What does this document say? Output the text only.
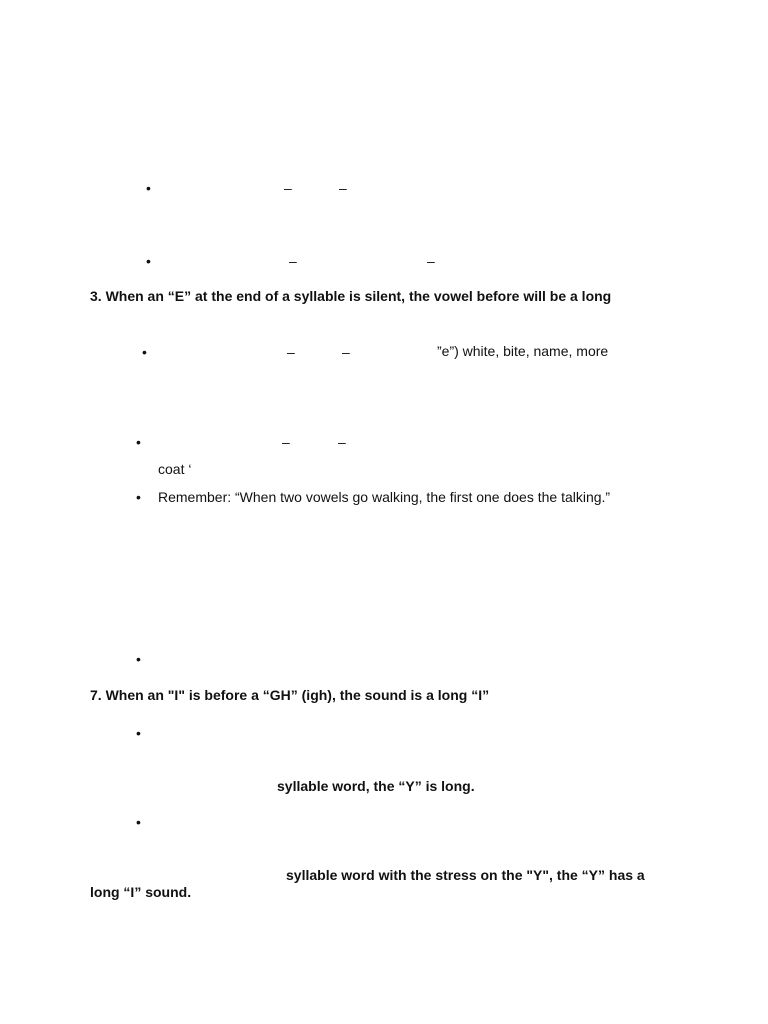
•	–	–
•	–	–
3. When an “E” at the end of a syllable is silent, the vowel before will be a long
•	–	–	”e”) white, bite, name, more
•	–	–
coat ‘
• Remember: “When two vowels go walking, the first one does the talking.”
•
7. When an "I" is before a “GH” (igh), the sound is a long “I”
•
syllable word, the “Y” is long.
•
syllable word with the stress on the "Y", the “Y” has a
long “I” sound.
